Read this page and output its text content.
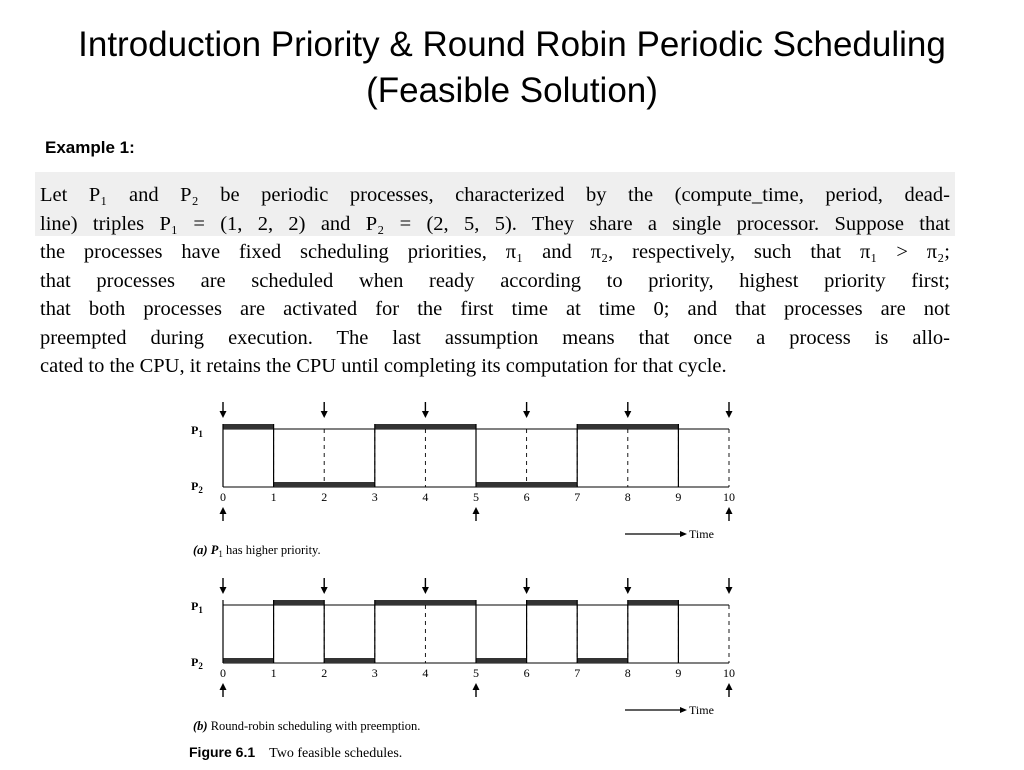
Introduction Priority & Round Robin Periodic Scheduling
(Feasible Solution)
Example 1:
Let P₁ and P₂ be periodic processes, characterized by the (compute_time, period, dead-
line) triples P₁ = (1, 2, 2) and P₂ = (2, 5, 5). They share a single processor. Suppose that
the processes have fixed scheduling priorities, π₁ and π₂, respectively, such that π₁ > π₂;
that processes are scheduled when ready according to priority, highest priority first;
that both processes are activated for the first time at time 0; and that processes are not
preempted during execution. The last assumption means that once a process is allo-
cated to the CPU, it retains the CPU until completing its computation for that cycle.
$P_1$
$P_2$ 0	1	2	3	4	5	6	7	8	9	10
Time
(a) $P_1$ has higher priority.
$P_1$
$P_2$ 0	1	2	3	4	5	6	7	8	9	10
Time
(b) Round-robin scheduling with preemption.
Figure 6.1 Two feasible schedules.
